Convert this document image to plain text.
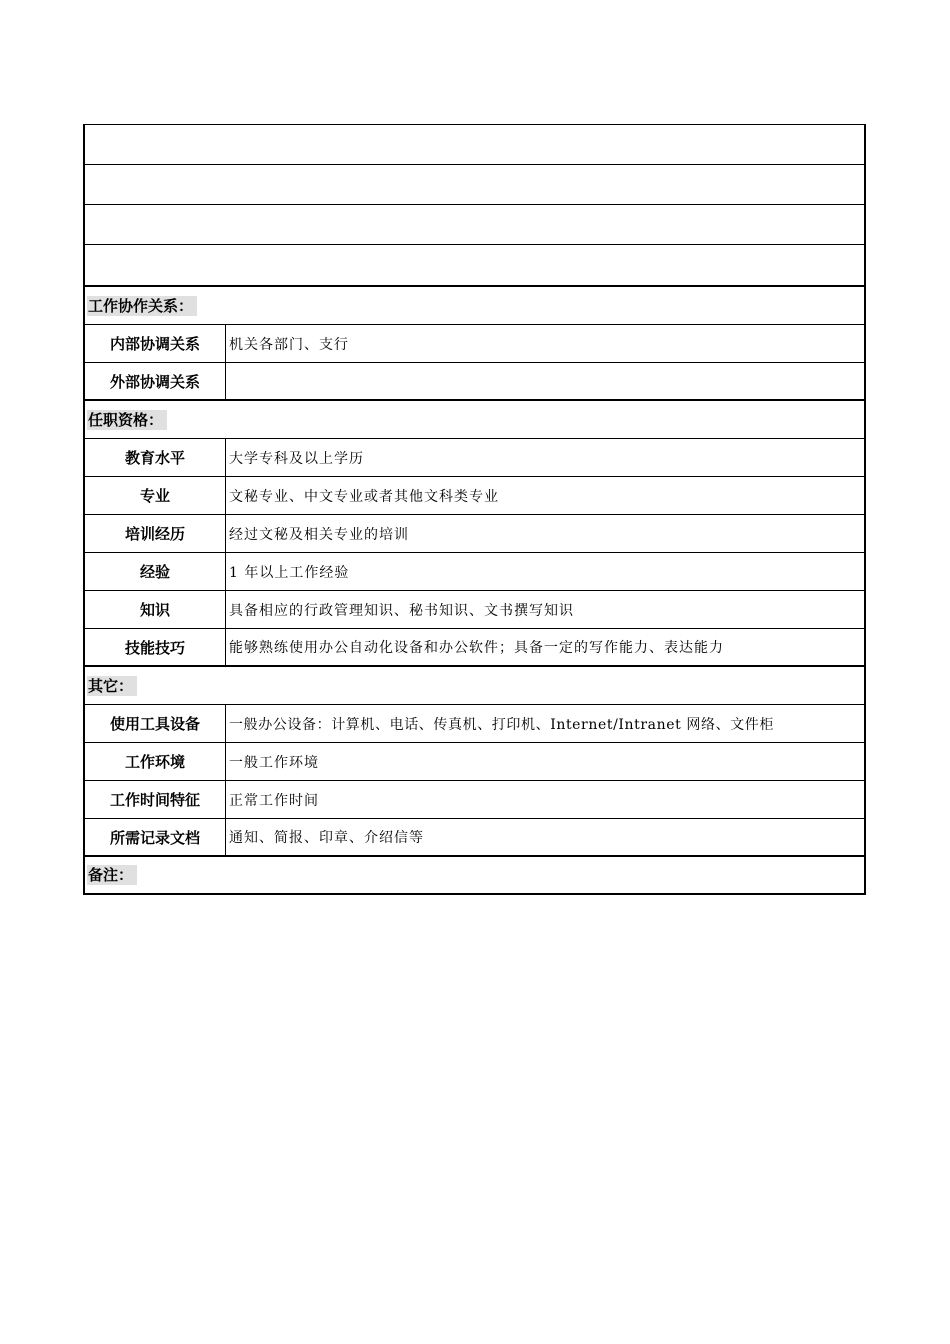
工作协作关系：
内部协调关系	机关各部门、支行
外部协调关系
任职资格：
教育水平	大学专科及以上学历
专业	文秘专业、中文专业或者其他文科类专业
培训经历	经过文秘及相关专业的培训
经验	1 年以上工作经验
知识	具备相应的行政管理知识、秘书知识、文书撰写知识
技能技巧	能够熟练使用办公自动化设备和办公软件；具备一定的写作能力、表达能力
其它：
使用工具设备	一般办公设备：计算机、电话、传真机、打印机、Internet/Intranet 网络、文件柜
工作环境	一般工作环境
工作时间特征	正常工作时间
所需记录文档	通知、简报、印章、介绍信等
备注：
